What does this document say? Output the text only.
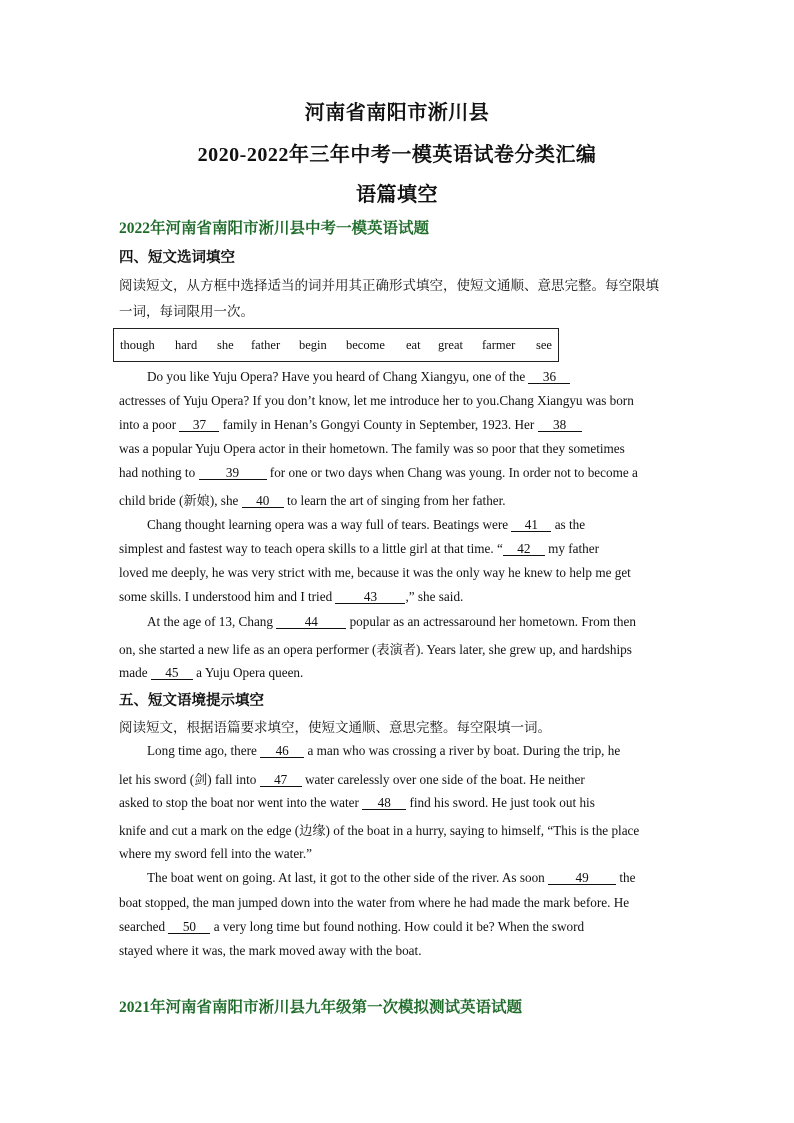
河南省南阳市淅川县
2020-2022年三年中考一模英语试卷分类汇编
语篇填空
2022年河南省南阳市淅川县中考一模英语试题
四、短文选词填空
阅读短文，从方框中选择适当的词并用其正确形式填空，使短文通顺、意思完整。每空限填
一词，每词限用一次。
though hard she father begin become eat great farmer see
Do you like Yuju Opera? Have you heard of Chang Xiangyu, one of the 36
actresses of Yuju Opera? If you don’t know, let me introduce her to you.Chang Xiangyu was born
into a poor 37 family in Henan’s Gongyi County in September, 1923. Her 38
was a popular Yuju Opera actor in their hometown. The family was so poor that they sometimes
had nothing to 39 for one or two days when Chang was young. In order not to become a
child bride (新娘), she 40 to learn the art of singing from her father.
Chang thought learning opera was a way full of tears. Beatings were 41 as the
simplest and fastest way to teach opera skills to a little girl at that time. “ 42 my father
loved me deeply, he was very strict with me, because it was the only way he knew to help me get
some skills. I understood him and I tried 43 ,” she said.
At the age of 13, Chang 44 popular as an actressaround her hometown. From then
on, she started a new life as an opera performer (表演者). Years later, she grew up, and hardships
made 45 a Yuju Opera queen.
五、短文语境提示填空
阅读短文，根据语篇要求填空，使短文通顺、意思完整。每空限填一词。
Long time ago, there 46 a man who was crossing a river by boat. During the trip, he
let his sword (剑) fall into 47 water carelessly over one side of the boat. He neither
asked to stop the boat nor went into the water 48 find his sword. He just took out his
knife and cut a mark on the edge (边缘) of the boat in a hurry, saying to himself, “This is the place
where my sword fell into the water.”
The boat went on going. At last, it got to the other side of the river. As soon 49 the
boat stopped, the man jumped down into the water from where he had made the mark before. He
searched 50 a very long time but found nothing. How could it be? When the sword
stayed where it was, the mark moved away with the boat.
2021年河南省南阳市淅川县九年级第一次模拟测试英语试题
